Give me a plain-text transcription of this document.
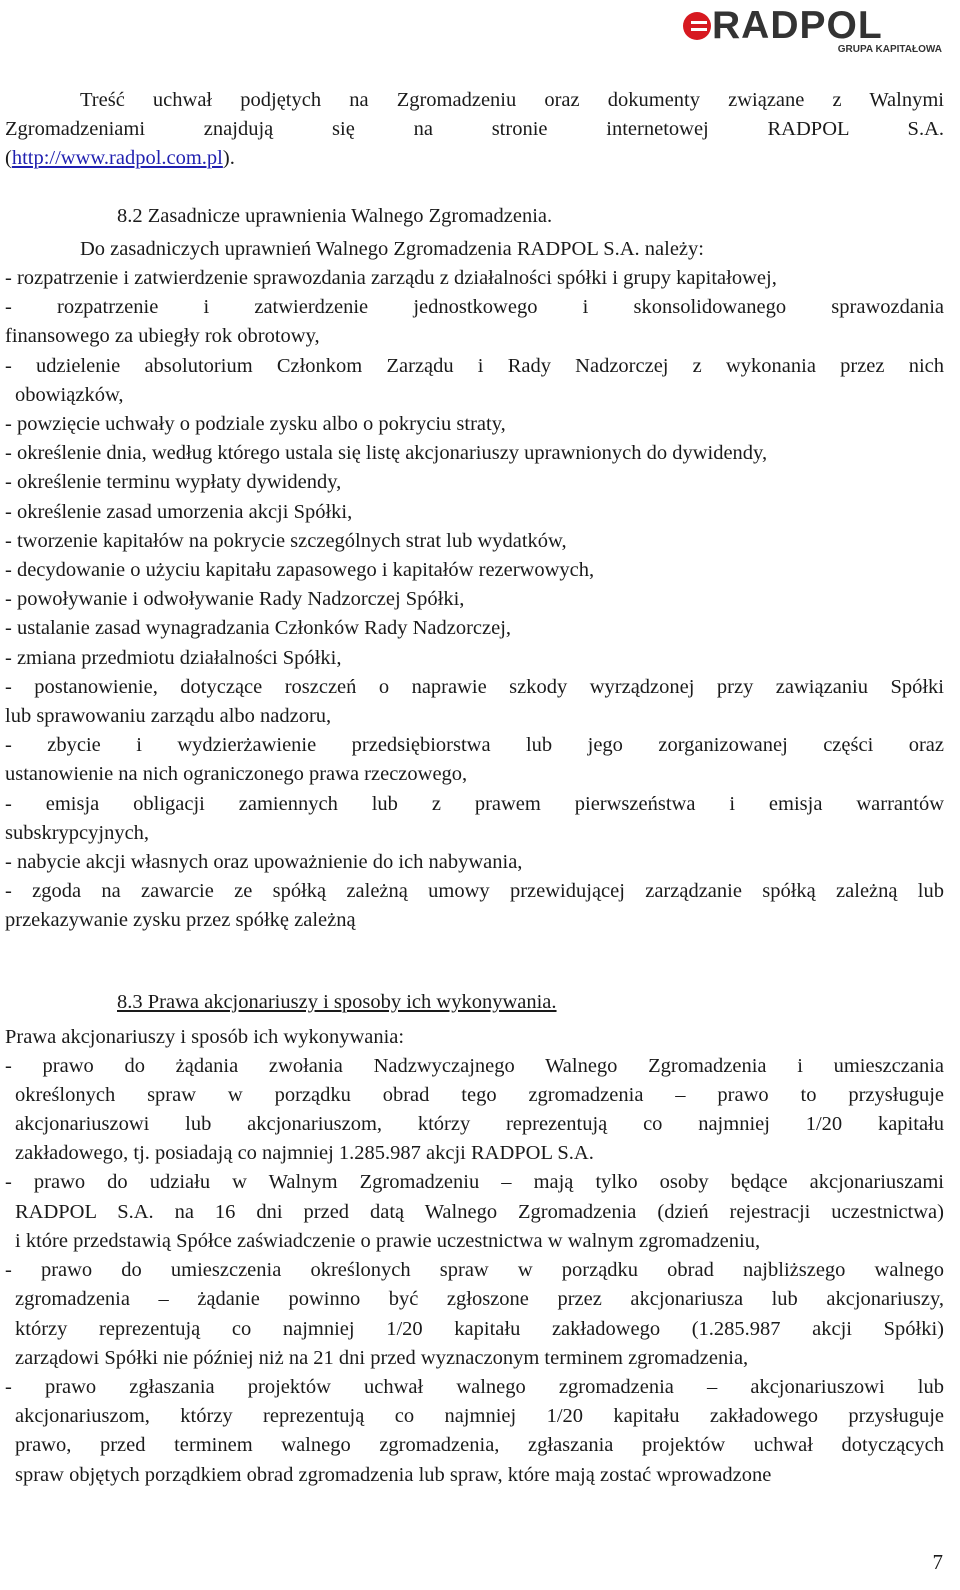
RADPOL
GRUPA KAPITAŁOWA

Treść uchwał podjętych na Zgromadzeniu oraz dokumenty związane z Walnymi
Zgromadzeniami znajdują się na stronie internetowej RADPOL S.A.
(http://www.radpol.com.pl).

8.2 Zasadnicze uprawnienia Walnego Zgromadzenia.

Do zasadniczych uprawnień Walnego Zgromadzenia RADPOL S.A. należy:

- rozpatrzenie i zatwierdzenie sprawozdania zarządu z działalności spółki i grupy kapitałowej,
- rozpatrzenie i zatwierdzenie jednostkowego i skonsolidowanego sprawozdania
finansowego za ubiegły rok obrotowy,
- udzielenie absolutorium Członkom Zarządu i Rady Nadzorczej z wykonania przez nich
obowiązków,
- powzięcie uchwały o podziale zysku albo o pokryciu straty,
- określenie dnia, według którego ustala się listę akcjonariuszy uprawnionych do dywidendy,
- określenie terminu wypłaty dywidendy,
- określenie zasad umorzenia akcji Spółki,
- tworzenie kapitałów na pokrycie szczególnych strat lub wydatków,
- decydowanie o użyciu kapitału zapasowego i kapitałów rezerwowych,
- powoływanie i odwoływanie Rady Nadzorczej Spółki,
- ustalanie zasad wynagradzania Członków Rady Nadzorczej,
- zmiana przedmiotu działalności Spółki,
- postanowienie, dotyczące roszczeń o naprawie szkody wyrządzonej przy zawiązaniu Spółki
lub sprawowaniu zarządu albo nadzoru,
- zbycie i wydzierżawienie przedsiębiorstwa lub jego zorganizowanej części oraz
ustanowienie na nich ograniczonego prawa rzeczowego,
- emisja obligacji zamiennych lub z prawem pierwszeństwa i emisja warrantów
subskrypcyjnych,
- nabycie akcji własnych oraz upoważnienie do ich nabywania,
- zgoda na zawarcie ze spółką zależną umowy przewidującej zarządzanie spółką zależną lub
przekazywanie zysku przez spółkę zależną

8.3 Prawa akcjonariuszy i sposoby ich wykonywania.

Prawa akcjonariuszy i sposób ich wykonywania:

- prawo do żądania zwołania Nadzwyczajnego Walnego Zgromadzenia i umieszczania
określonych spraw w porządku obrad tego zgromadzenia – prawo to przysługuje
akcjonariuszowi lub akcjonariuszom, którzy reprezentują co najmniej 1/20 kapitału
zakładowego, tj. posiadają co najmniej 1.285.987 akcji RADPOL S.A.
- prawo do udziału w Walnym Zgromadzeniu – mają tylko osoby będące akcjonariuszami
RADPOL S.A. na 16 dni przed datą Walnego Zgromadzenia (dzień rejestracji uczestnictwa)
i które przedstawią Spółce zaświadczenie o prawie uczestnictwa w walnym zgromadzeniu,
- prawo do umieszczenia określonych spraw w porządku obrad najbliższego walnego
zgromadzenia – żądanie powinno być zgłoszone przez akcjonariusza lub akcjonariuszy,
którzy reprezentują co najmniej 1/20 kapitału zakładowego (1.285.987 akcji Spółki)
zarządowi Spółki nie później niż na 21 dni przed wyznaczonym terminem zgromadzenia,
- prawo zgłaszania projektów uchwał walnego zgromadzenia – akcjonariuszowi lub
akcjonariuszom, którzy reprezentują co najmniej 1/20 kapitału zakładowego przysługuje
prawo, przed terminem walnego zgromadzenia, zgłaszania projektów uchwał dotyczących
spraw objętych porządkiem obrad zgromadzenia lub spraw, które mają zostać wprowadzone
7
